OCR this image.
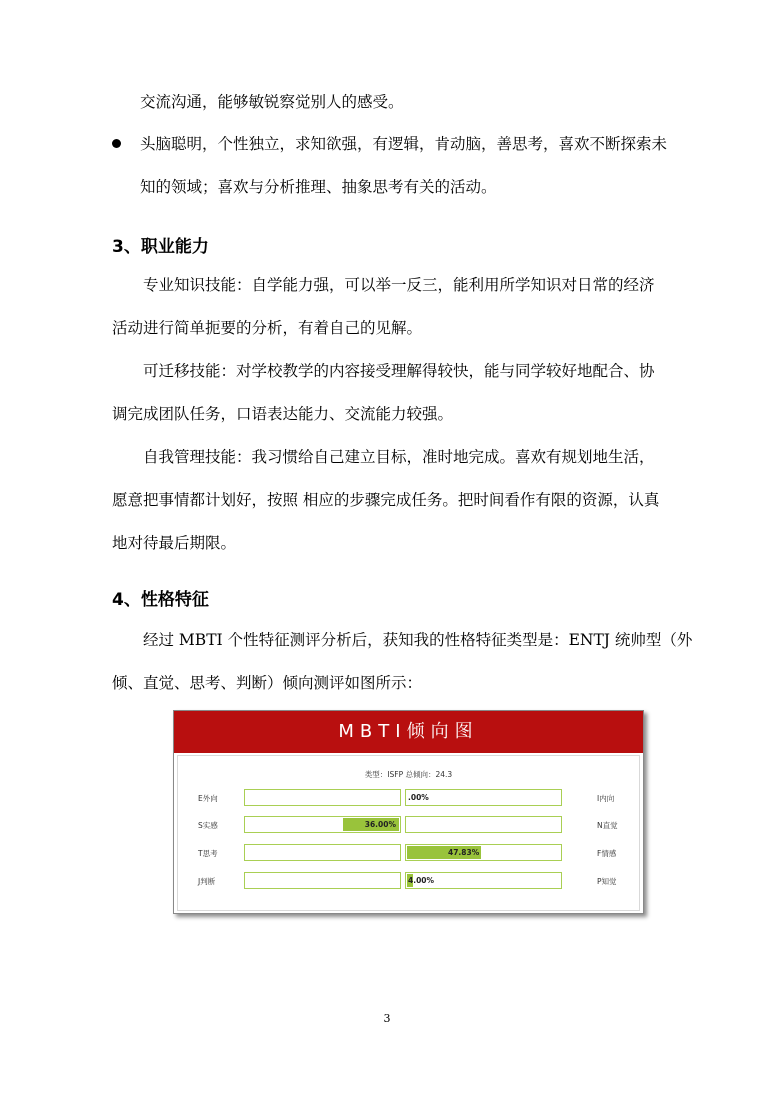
交流沟通，能够敏锐察觉别人的感受。
头脑聪明，个性独立，求知欲强，有逻辑，肯动脑，善思考，喜欢不断探索未
知的领域；喜欢与分析推理、抽象思考有关的活动。
3、职业能力
专业知识技能：自学能力强，可以举一反三，能利用所学知识对日常的经济
活动进行简单扼要的分析，有着自己的见解。
可迁移技能：对学校教学的内容接受理解得较快，能与同学较好地配合、协
调完成团队任务，口语表达能力、交流能力较强。
自我管理技能：我习惯给自己建立目标，准时地完成。喜欢有规划地生活，
愿意把事情都计划好，按照 相应的步骤完成任务。把时间看作有限的资源，认真
地对待最后期限。
4、性格特征
经过 MBTI 个性特征测评分析后，获知我的性格特征类型是：ENTJ 统帅型（外
倾、直觉、思考、判断）倾向测评如图所示：
MBTI倾向图
类型：ISFP 总倾向：24.3
E外向
S实感
T思考
J判断
I内向
N直觉
F情感
P知觉
.00%
36.00%
47.83%
4.00%
3
